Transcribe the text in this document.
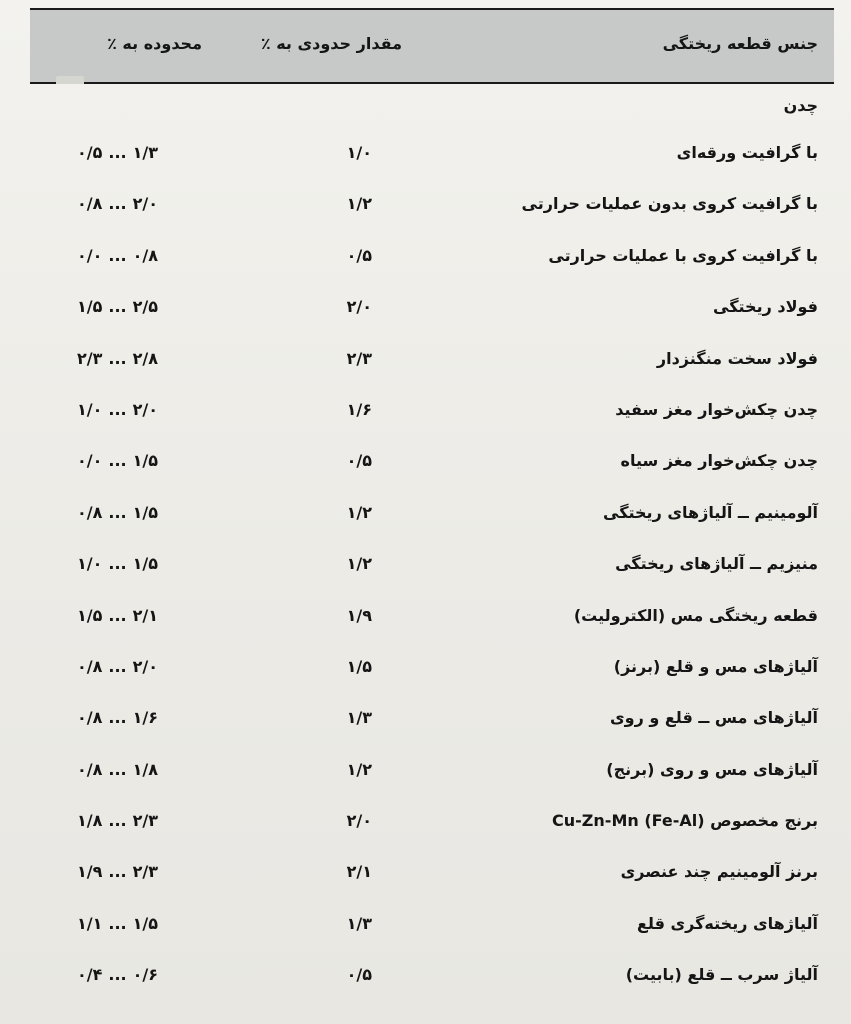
جنس قطعه ریختگی
مقدار حدودی به ٪
محدوده به ٪
چدن
با گرافیت ورقه‌ای
۱/۰
۰/۵ ... ۱/۳
با گرافیت کروی بدون عملیات حرارتی
۱/۲
۰/۸ ... ۲/۰
با گرافیت کروی با عملیات حرارتی
۰/۵
۰/۰ ... ۰/۸
فولاد ریختگی
۲/۰
۱/۵ ... ۲/۵
فولاد سخت منگنزدار
۲/۳
۲/۳ ... ۲/۸
چدن چکش‌خوار مغز سفید
۱/۶
۱/۰ ... ۲/۰
چدن چکش‌خوار مغز سیاه
۰/۵
۰/۰ ... ۱/۵
آلومینیم ــ آلیاژهای ریختگی
۱/۲
۰/۸ ... ۱/۵
منیزیم ــ آلیاژهای ریختگی
۱/۲
۱/۰ ... ۱/۵
قطعه ریختگی مس (الکترولیت)
۱/۹
۱/۵ ... ۲/۱
آلیاژهای مس و قلع (برنز)
۱/۵
۰/۸ ... ۲/۰
آلیاژهای مس ــ قلع و روی
۱/۳
۰/۸ ... ۱/۶
آلیاژهای مس و روی (برنج)
۱/۲
۰/۸ ... ۱/۸
برنج مخصوص Cu-Zn-Mn (Fe-Al)
۲/۰
۱/۸ ... ۲/۳
برنز آلومینیم چند عنصری
۲/۱
۱/۹ ... ۲/۳
آلیاژهای ریخته‌گری قلع
۱/۳
۱/۱ ... ۱/۵
آلیاژ سرب ــ قلع (بابیت)
۰/۵
۰/۴ ... ۰/۶
